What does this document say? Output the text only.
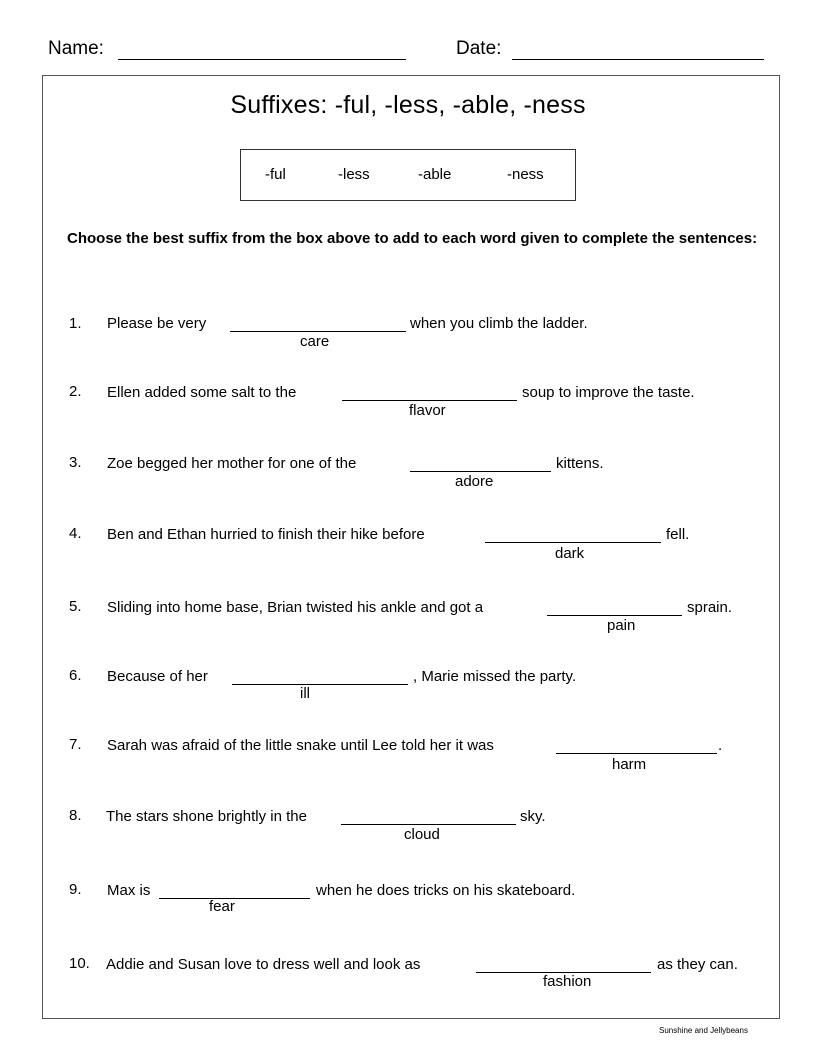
Name:	Date:
Suffixes: -ful, -less, -able, -ness
-ful	-less	-able	-ness
Choose the best suffix from the box above to add to each word given to complete the sentences:
1. Please be very	when you climb the ladder.
care
2. Ellen added some salt to the	soup to improve the taste.
flavor
3. Zoe begged her mother for one of the	kittens.
adore
4. Ben and Ethan hurried to finish their hike before	fell.
dark
5. Sliding into home base, Brian twisted his ankle and got a	sprain.
pain
6. Because of her	, Marie missed the party.
ill
7. Sarah was afraid of the little snake until Lee told her it was	.
harm
8. The stars shone brightly in the	sky.
cloud
9. Max is	when he does tricks on his skateboard.
fear
10. Addie and Susan love to dress well and look as	as they can.
fashion
Sunshine and Jellybeans
